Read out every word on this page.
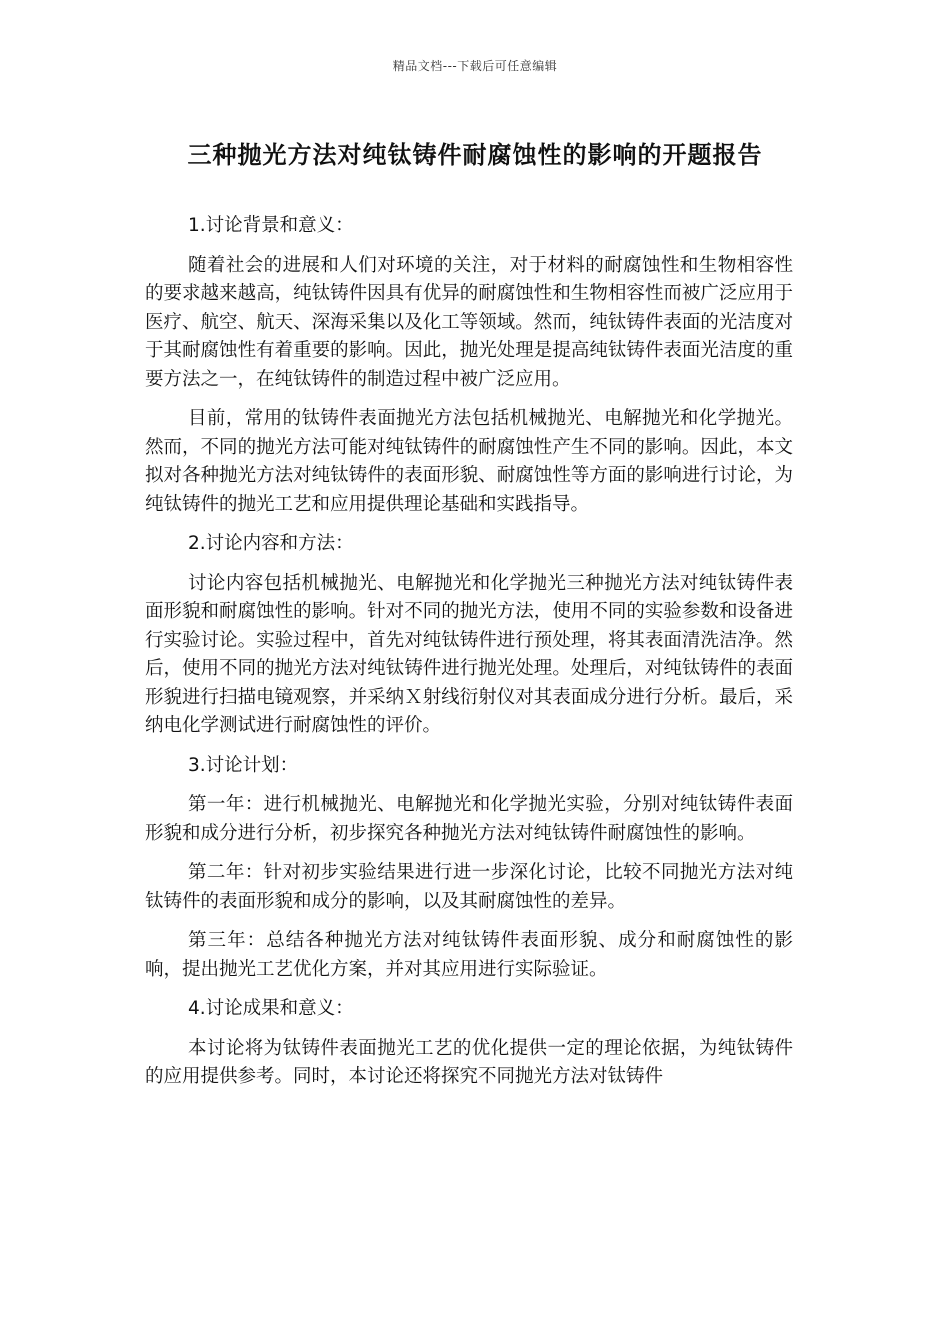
精品文档---下载后可任意编辑
三种抛光方法对纯钛铸件耐腐蚀性的影响的开题报告

1.讨论背景和意义：

随着社会的进展和人们对环境的关注，对于材料的耐腐蚀性和生物相容性的要求越来越高，纯钛铸件因具有优异的耐腐蚀性和生物相容性而被广泛应用于医疗、航空、航天、深海采集以及化工等领域。然而，纯钛铸件表面的光洁度对于其耐腐蚀性有着重要的影响。因此，抛光处理是提高纯钛铸件表面光洁度的重要方法之一，在纯钛铸件的制造过程中被广泛应用。

目前，常用的钛铸件表面抛光方法包括机械抛光、电解抛光和化学抛光。然而，不同的抛光方法可能对纯钛铸件的耐腐蚀性产生不同的影响。因此，本文拟对各种抛光方法对纯钛铸件的表面形貌、耐腐蚀性等方面的影响进行讨论，为纯钛铸件的抛光工艺和应用提供理论基础和实践指导。

2.讨论内容和方法：

讨论内容包括机械抛光、电解抛光和化学抛光三种抛光方法对纯钛铸件表面形貌和耐腐蚀性的影响。针对不同的抛光方法，使用不同的实验参数和设备进行实验讨论。实验过程中，首先对纯钛铸件进行预处理，将其表面清洗洁净。然后，使用不同的抛光方法对纯钛铸件进行抛光处理。处理后，对纯钛铸件的表面形貌进行扫描电镜观察，并采纳Ｘ射线衍射仪对其表面成分进行分析。最后，采纳电化学测试进行耐腐蚀性的评价。

3.讨论计划：

第一年：进行机械抛光、电解抛光和化学抛光实验，分别对纯钛铸件表面形貌和成分进行分析，初步探究各种抛光方法对纯钛铸件耐腐蚀性的影响。

第二年：针对初步实验结果进行进一步深化讨论，比较不同抛光方法对纯钛铸件的表面形貌和成分的影响，以及其耐腐蚀性的差异。

第三年：总结各种抛光方法对纯钛铸件表面形貌、成分和耐腐蚀性的影响，提出抛光工艺优化方案，并对其应用进行实际验证。

4.讨论成果和意义：

本讨论将为钛铸件表面抛光工艺的优化提供一定的理论依据，为纯钛铸件的应用提供参考。同时，本讨论还将探究不同抛光方法对钛铸件
